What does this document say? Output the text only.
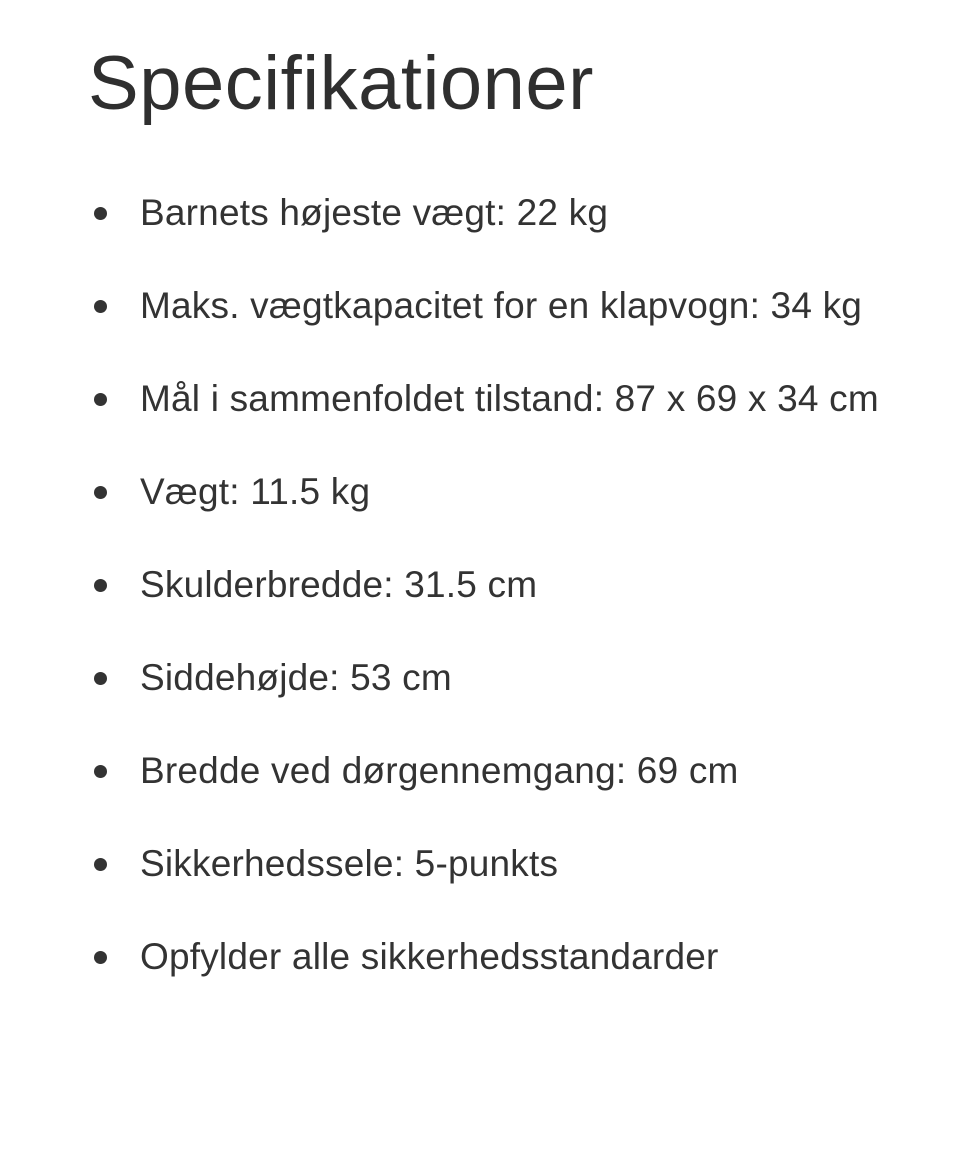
Specifikationer
Barnets højeste vægt: 22 kg
Maks. vægtkapacitet for en klapvogn: 34 kg
Mål i sammenfoldet tilstand: 87 x 69 x 34 cm
Vægt: 11.5 kg
Skulderbredde: 31.5 cm
Siddehøjde: 53 cm
Bredde ved dørgennemgang: 69 cm
Sikkerhedssele: 5-punkts
Opfylder alle sikkerhedsstandarder
